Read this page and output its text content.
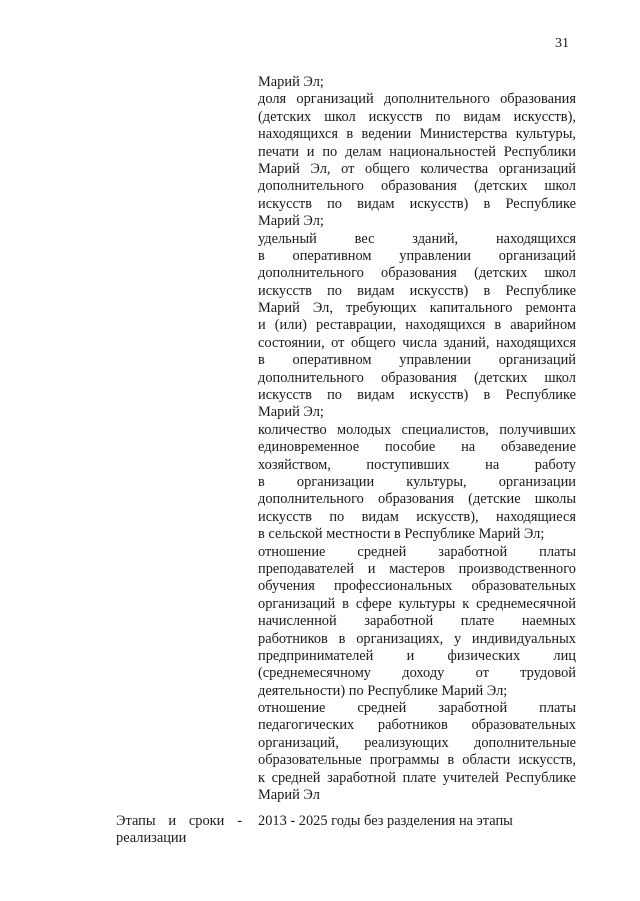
31
Марий Эл;
доля организаций дополнительного образования
(детских школ искусств по видам искусств),
находящихся в ведении Министерства культуры,
печати и по делам национальностей Республики
Марий Эл, от общего количества организаций
дополнительного образования (детских школ
искусств по видам искусств) в Республике
Марий Эл;
удельный вес зданий, находящихся
в оперативном управлении организаций
дополнительного образования (детских школ
искусств по видам искусств) в Республике
Марий Эл, требующих капитального ремонта
и (или) реставрации, находящихся в аварийном
состоянии, от общего числа зданий, находящихся
в оперативном управлении организаций
дополнительного образования (детских школ
искусств по видам искусств) в Республике
Марий Эл;
количество молодых специалистов, получивших
единовременное пособие на обзаведение
хозяйством, поступивших на работу
в организации культуры, организации
дополнительного образования (детские школы
искусств по видам искусств), находящиеся
в сельской местности в Республике Марий Эл;
отношение средней заработной платы
преподавателей и мастеров производственного
обучения профессиональных образовательных
организаций в сфере культуры к среднемесячной
начисленной заработной плате наемных
работников в организациях, у индивидуальных
предпринимателей и физических лиц
(среднемесячному доходу от трудовой
деятельности) по Республике Марий Эл;
отношение средней заработной платы
педагогических работников образовательных
организаций, реализующих дополнительные
образовательные программы в области искусств,
к средней заработной плате учителей Республике
Марий Эл
Этапы и сроки -
реализации
2013 - 2025 годы без разделения на этапы
